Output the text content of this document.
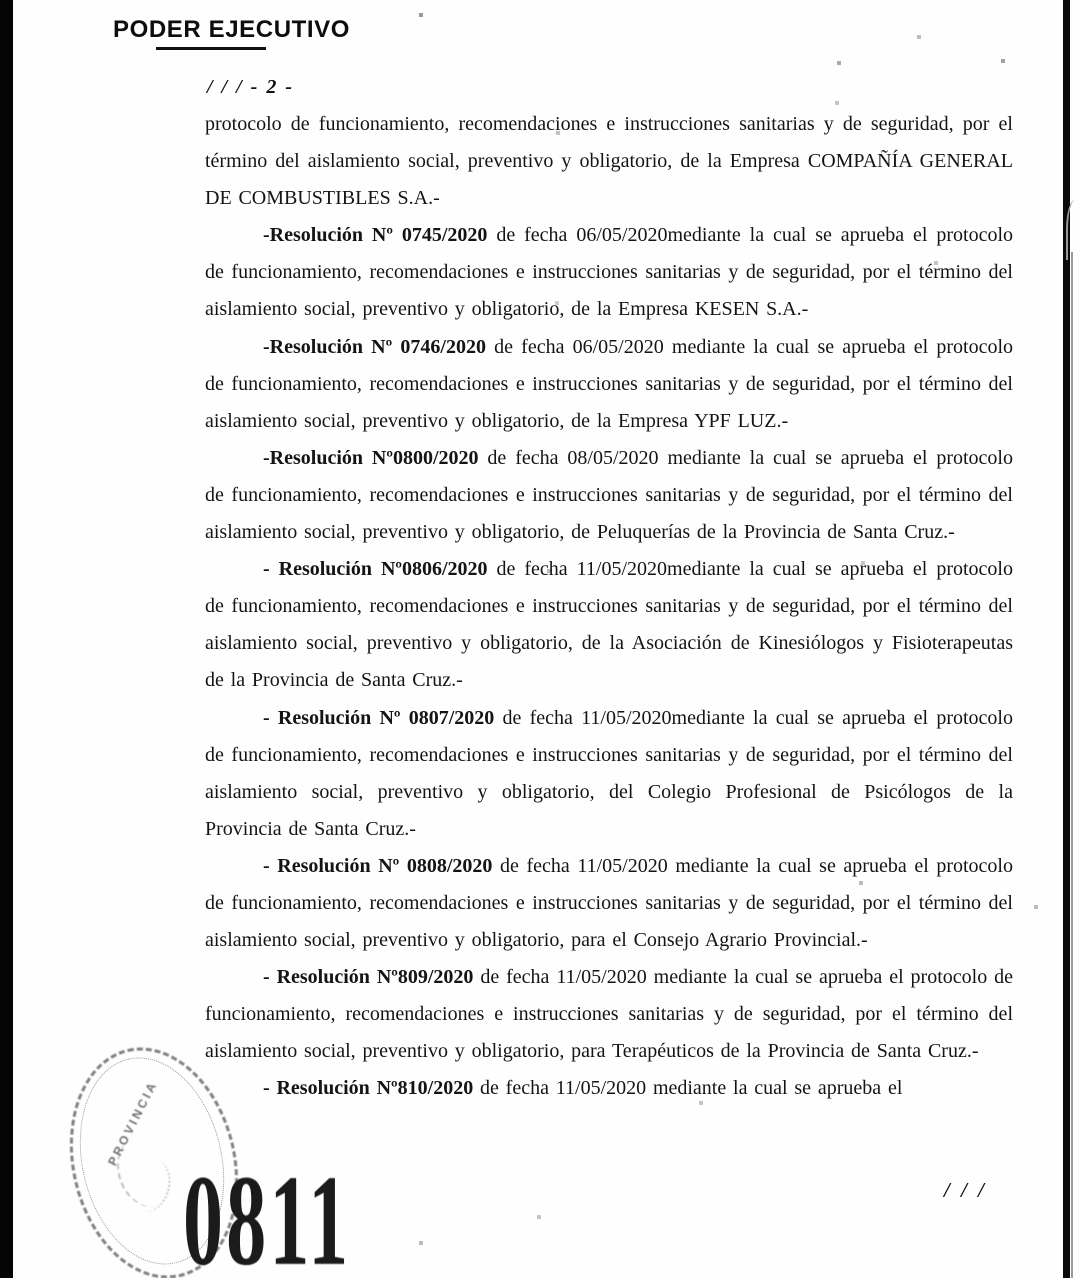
PODER EJECUTIVO
/ / / - 2 -

protocolo de funcionamiento, recomendaciones e instrucciones sanitarias y de seguridad, por el término del aislamiento social, preventivo y obligatorio, de la Empresa COMPAÑÍA GENERAL DE COMBUSTIBLES S.A.-

-Resolución Nº 0745/2020 de fecha 06/05/2020mediante la cual se aprueba el protocolo de funcionamiento, recomendaciones e instrucciones sanitarias y de seguridad, por el término del aislamiento social, preventivo y obligatorio, de la Empresa KESEN S.A.-

-Resolución Nº 0746/2020 de fecha 06/05/2020 mediante la cual se aprueba el protocolo de funcionamiento, recomendaciones e instrucciones sanitarias y de seguridad, por el término del aislamiento social, preventivo y obligatorio, de la Empresa YPF LUZ.-

-Resolución Nº0800/2020 de fecha 08/05/2020 mediante la cual se aprueba el protocolo de funcionamiento, recomendaciones e instrucciones sanitarias y de seguridad, por el término del aislamiento social, preventivo y obligatorio, de Peluquerías de la Provincia de Santa Cruz.-

- Resolución Nº0806/2020 de fecha 11/05/2020mediante la cual se aprueba el protocolo de funcionamiento, recomendaciones e instrucciones sanitarias y de seguridad, por el término del aislamiento social, preventivo y obligatorio, de la Asociación de Kinesiólogos y Fisioterapeutas de la Provincia de Santa Cruz.-

- Resolución Nº 0807/2020 de fecha 11/05/2020mediante la cual se aprueba el protocolo de funcionamiento, recomendaciones e instrucciones sanitarias y de seguridad, por el término del aislamiento social, preventivo y obligatorio, del Colegio Profesional de Psicólogos de la Provincia de Santa Cruz.-

- Resolución Nº 0808/2020 de fecha 11/05/2020 mediante la cual se aprueba el protocolo de funcionamiento, recomendaciones e instrucciones sanitarias y de seguridad, por el término del aislamiento social, preventivo y obligatorio, para el Consejo Agrario Provincial.-

- Resolución Nº809/2020 de fecha 11/05/2020 mediante la cual se aprueba el protocolo de funcionamiento, recomendaciones e instrucciones sanitarias y de seguridad, por el término del aislamiento social, preventivo y obligatorio, para Terapéuticos de la Provincia de Santa Cruz.-

- Resolución Nº810/2020 de fecha 11/05/2020 mediante la cual se aprueba el

/ / /
PROVINCIA
0811
